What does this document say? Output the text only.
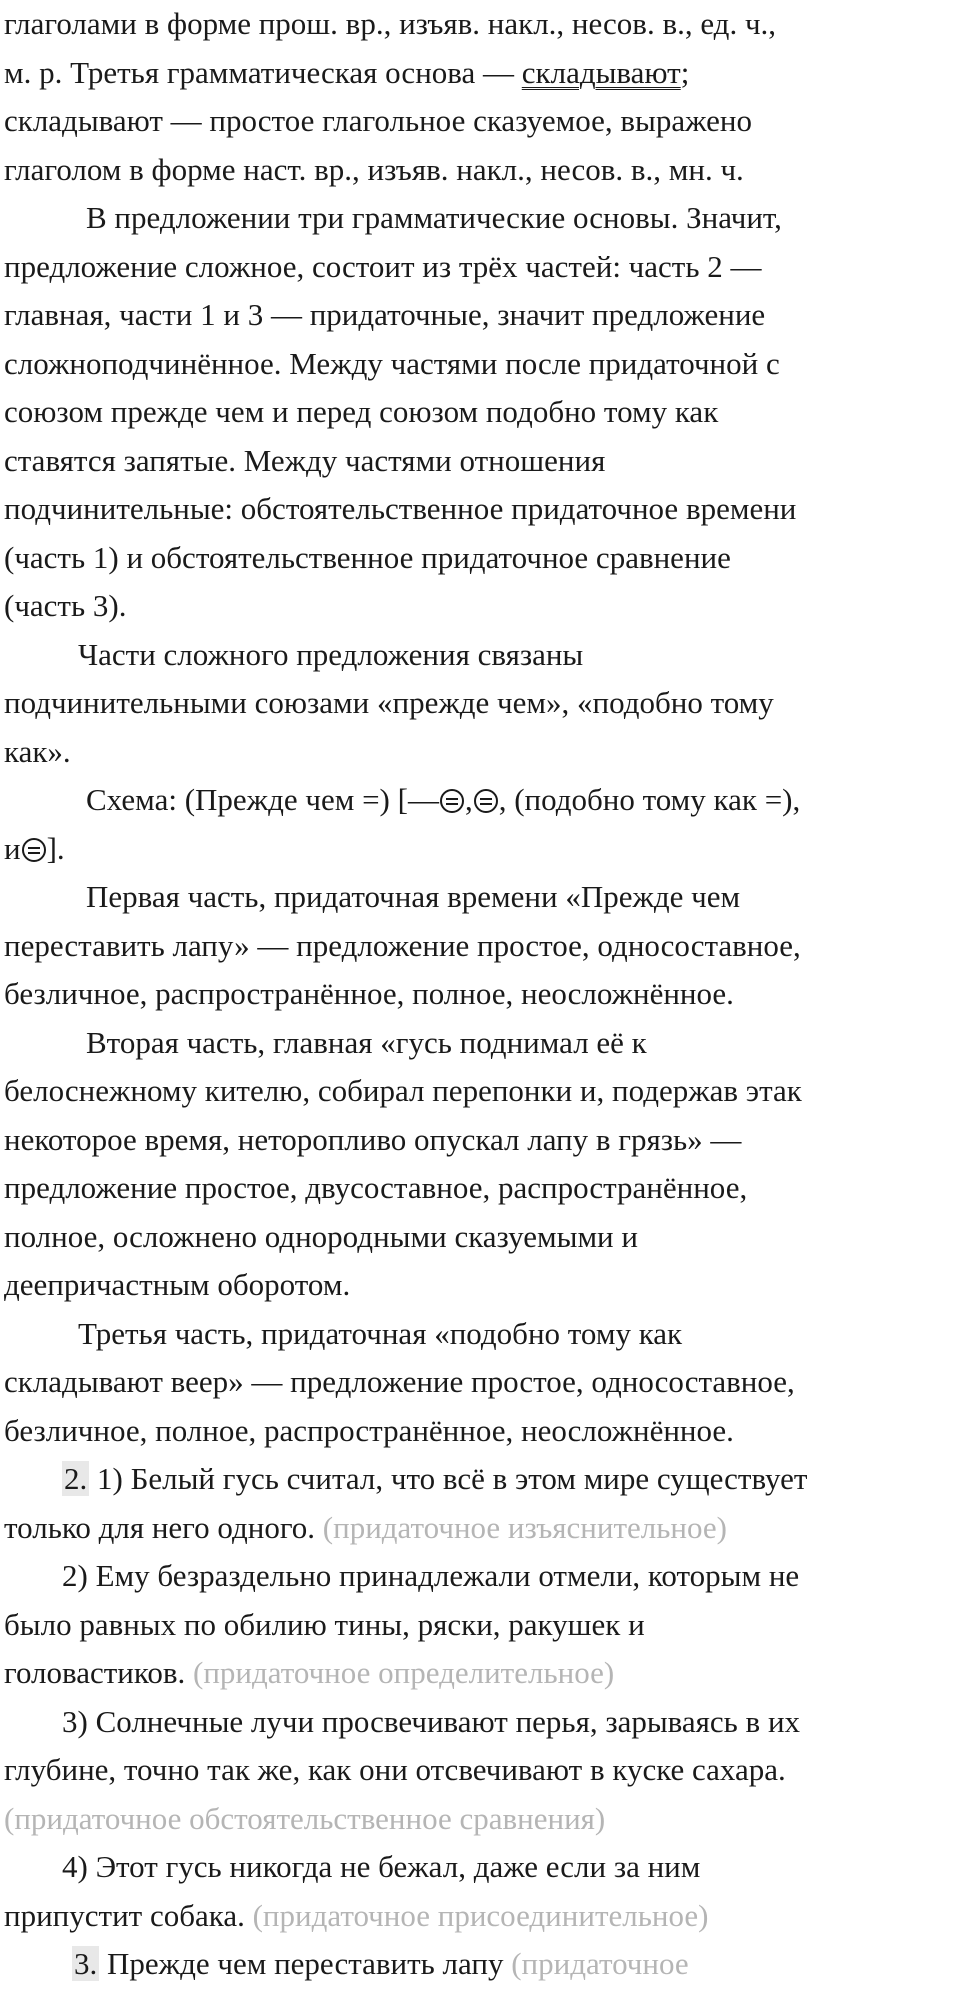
глаголами в форме прош. вр., изъяв. накл., несов. в., ед. ч.,
м. р. Третья грамматическая основа — складывают;
складывают — простое глагольное сказуемое, выражено
глаголом в форме наст. вр., изъяв. накл., несов. в., мн. ч.
В предложении три грамматические основы. Значит,
предложение сложное, состоит из трёх частей: часть 2 —
главная, части 1 и 3 — придаточные, значит предложение
сложноподчинённое. Между частями после придаточной с
союзом прежде чем и перед союзом подобно тому как
ставятся запятые. Между частями отношения
подчинительные: обстоятельственное придаточное времени
(часть 1) и обстоятельственное придаточное сравнение
(часть 3).
Части сложного предложения связаны
подчинительными союзами «прежде чем», «подобно тому
как».
Схема: (Прежде чем =) [— , , (подобно тому как =),
и ].
Первая часть, придаточная времени «Прежде чем
переставить лапу» — предложение простое, односоставное,
безличное, распространённое, полное, неосложнённое.
Вторая часть, главная «гусь поднимал её к
белоснежному кителю, собирал перепонки и, подержав этак
некоторое время, неторопливо опускал лапу в грязь» —
предложение простое, двусоставное, распространённое,
полное, осложнено однородными сказуемыми и
деепричастным оборотом.
Третья часть, придаточная «подобно тому как
складывают веер» — предложение простое, односоставное,
безличное, полное, распространённое, неосложнённое.
2. 1) Белый гусь считал, что всё в этом мире существует
только для него одного. (придаточное изъяснительное)
2) Ему безраздельно принадлежали отмели, которым не
было равных по обилию тины, ряски, ракушек и
головастиков. (придаточное определительное)
3) Солнечные лучи просвечивают перья, зарываясь в их
глубине, точно так же, как они отсвечивают в куске сахара.
(придаточное обстоятельственное сравнения)
4) Этот гусь никогда не бежал, даже если за ним
припустит собака. (придаточное присоединительное)
3. Прежде чем переставить лапу (придаточное
